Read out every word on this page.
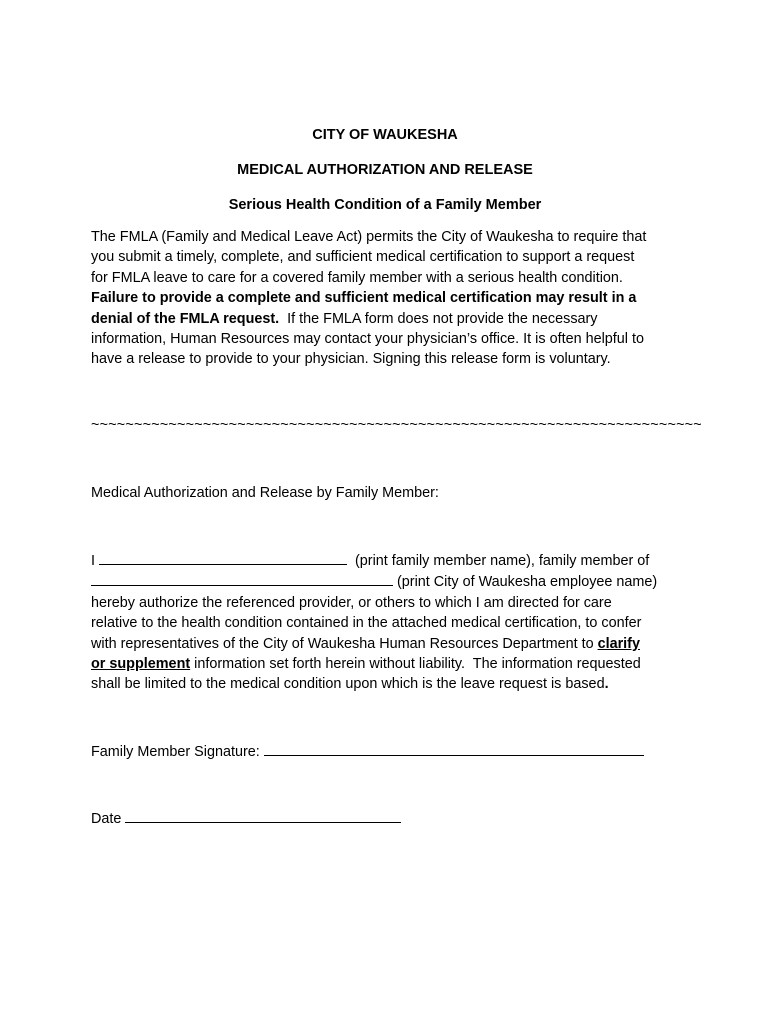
CITY OF WAUKESHA
MEDICAL AUTHORIZATION AND RELEASE
Serious Health Condition of a Family Member
The FMLA (Family and Medical Leave Act) permits the City of Waukesha to require that
you submit a timely, complete, and sufficient medical certification to support a request
for FMLA leave to care for a covered family member with a serious health condition.
Failure to provide a complete and sufficient medical certification may result in a
denial of the FMLA request.  If the FMLA form does not provide the necessary
information, Human Resources may contact your physician’s office. It is often helpful to
have a release to provide to your physician. Signing this release form is voluntary.
~~~~~~~~~~~~~~~~~~~~~~~~~~~~~~~~~~~~~~~~~~~~~~~~~~~~~~~~~~~~~~~~~~~~~~~
Medical Authorization and Release by Family Member:
I	(print family member name), family member of
(print City of Waukesha employee name)
hereby authorize the referenced provider, or others to which I am directed for care
relative to the health condition contained in the attached medical certification, to confer
with representatives of the City of Waukesha Human Resources Department to clarify
or supplement information set forth herein without liability.  The information requested
shall be limited to the medical condition upon which is the leave request is based.
Family Member Signature:
Date
